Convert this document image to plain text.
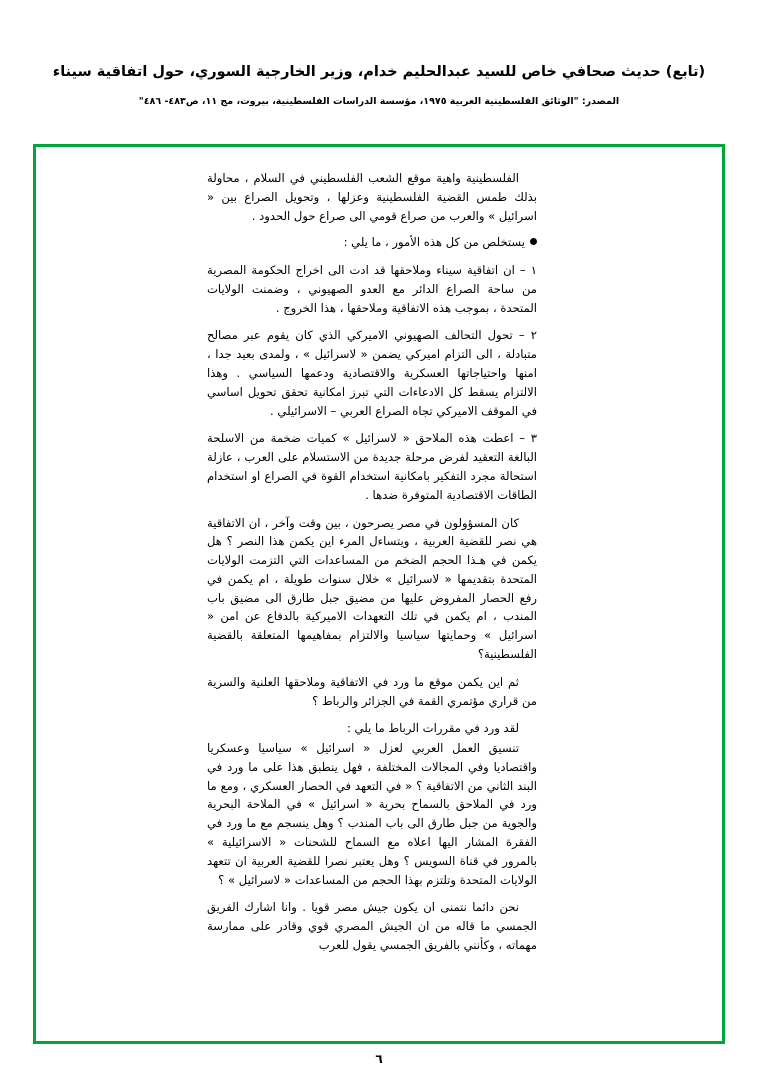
(تابع) حديث صحافي خاص للسيد عبدالحليم خدام، وزير الخارجية السوري، حول اتفاقية سيناء
المصدر: "الوثائق الفلسطينية العربية ١٩٧٥، مؤسسة الدراسات الفلسطينية، بيروت، مج ١١، ص٤٨٣- ٤٨٦"

الفلسطينية واهية موقع الشعب الفلسطيني في السلام ، محاولة بذلك طمس القضية الفلسطينية وعزلها ، وتحويل الصراع بين « اسرائيل » والعرب من صراع قومي الى صراع حول الحدود .

يستخلص من كل هذه الأمور ، ما يلي :

١ – ان اتفاقية سيناء وملاحقها قد ادت الى اخراج الحكومة المصرية من ساحة الصراع الدائر مع العدو الصهيوني ، وضمنت الولايات المتحدة ، بموجب هذه الاتفاقية وملاحقها ، هذا الخروج .

٢ – تحول التحالف الصهيوني الاميركي الذي كان يقوم عبر مصالح متبادلة ، الى التزام اميركي يضمن « لاسرائيل » ، ولمدى بعيد جدا ، امنها واحتياجاتها العسكرية والاقتصادية ودعمها السياسي . وهذا الالتزام يسقط كل الادعاءات التي تبرز امكانية تحقق تحويل اساسي في الموقف الاميركي تجاه الصراع العربي – الاسرائيلي .

٣ – اعطت هذه الملاحق « لاسرائيل » كميات ضخمة من الاسلحة البالغة التعقيد لفرض مرحلة جديدة من الاستسلام على العرب ، عازلة استحالة مجرد التفكير بامكانية استخدام القوة في الصراع او استخدام الطاقات الاقتصادية المتوفرة ضدها .

كان المسؤولون في مصر يصرحون ، بين وقت وآخر ، ان الاتفاقية هي نصر للقضية العربية ، ويتساءل المرء اين يكمن هذا النصر ؟ هل يكمن في هـذا الحجم الضخم من المساعدات التي التزمت الولايات المتحدة بتقديمها « لاسرائيل » خلال سنوات طويلة ، ام يكمن في رفع الحصار المفروض عليها من مضيق جبل طارق الى مضيق باب المندب ، ام يكمن في تلك التعهدات الاميركية بالدفاع عن امن « اسرائيل » وحمايتها سياسيا والالتزام بمفاهيمها المتعلقة بالقضية الفلسطينية؟

ثم اين يكمن موقع ما ورد في الاتفاقية وملاحقها العلنية والسرية من قراري مؤتمري القمة في الجزائر والرباط ؟

لقد ورد في مقررات الرباط ما يلي :

تنسيق العمل العربي لعزل « اسرائيل » سياسيا وعسكريا واقتصاديا وفي المجالات المختلفة ، فهل ينطبق هذا على ما ورد في البند الثاني من الاتفاقية ؟ « في التعهد في الحصار العسكري ، ومع ما ورد في الملاحق بالسماح بحرية « اسرائيل » في الملاحة البحرية والجوية من جبل طارق الى باب المندب ؟ وهل ينسجم مع ما ورد في الفقرة المشار اليها اعلاه مع السماح للشحنات « الاسرائيلية » بالمرور في قناة السويس ؟ وهل يعتبر نصرا للقضية العربية ان تتعهد الولايات المتحدة وتلتزم بهذا الحجم من المساعدات « لاسرائيل » ؟

نحن دائما نتمنى ان يكون جيش مصر قويا . وانا اشارك الفريق الجمسي ما قاله من ان الجيش المصري قوي وقادر على ممارسة مهماته ، وكأنني بالفريق الجمسي يقول للعرب

٦
